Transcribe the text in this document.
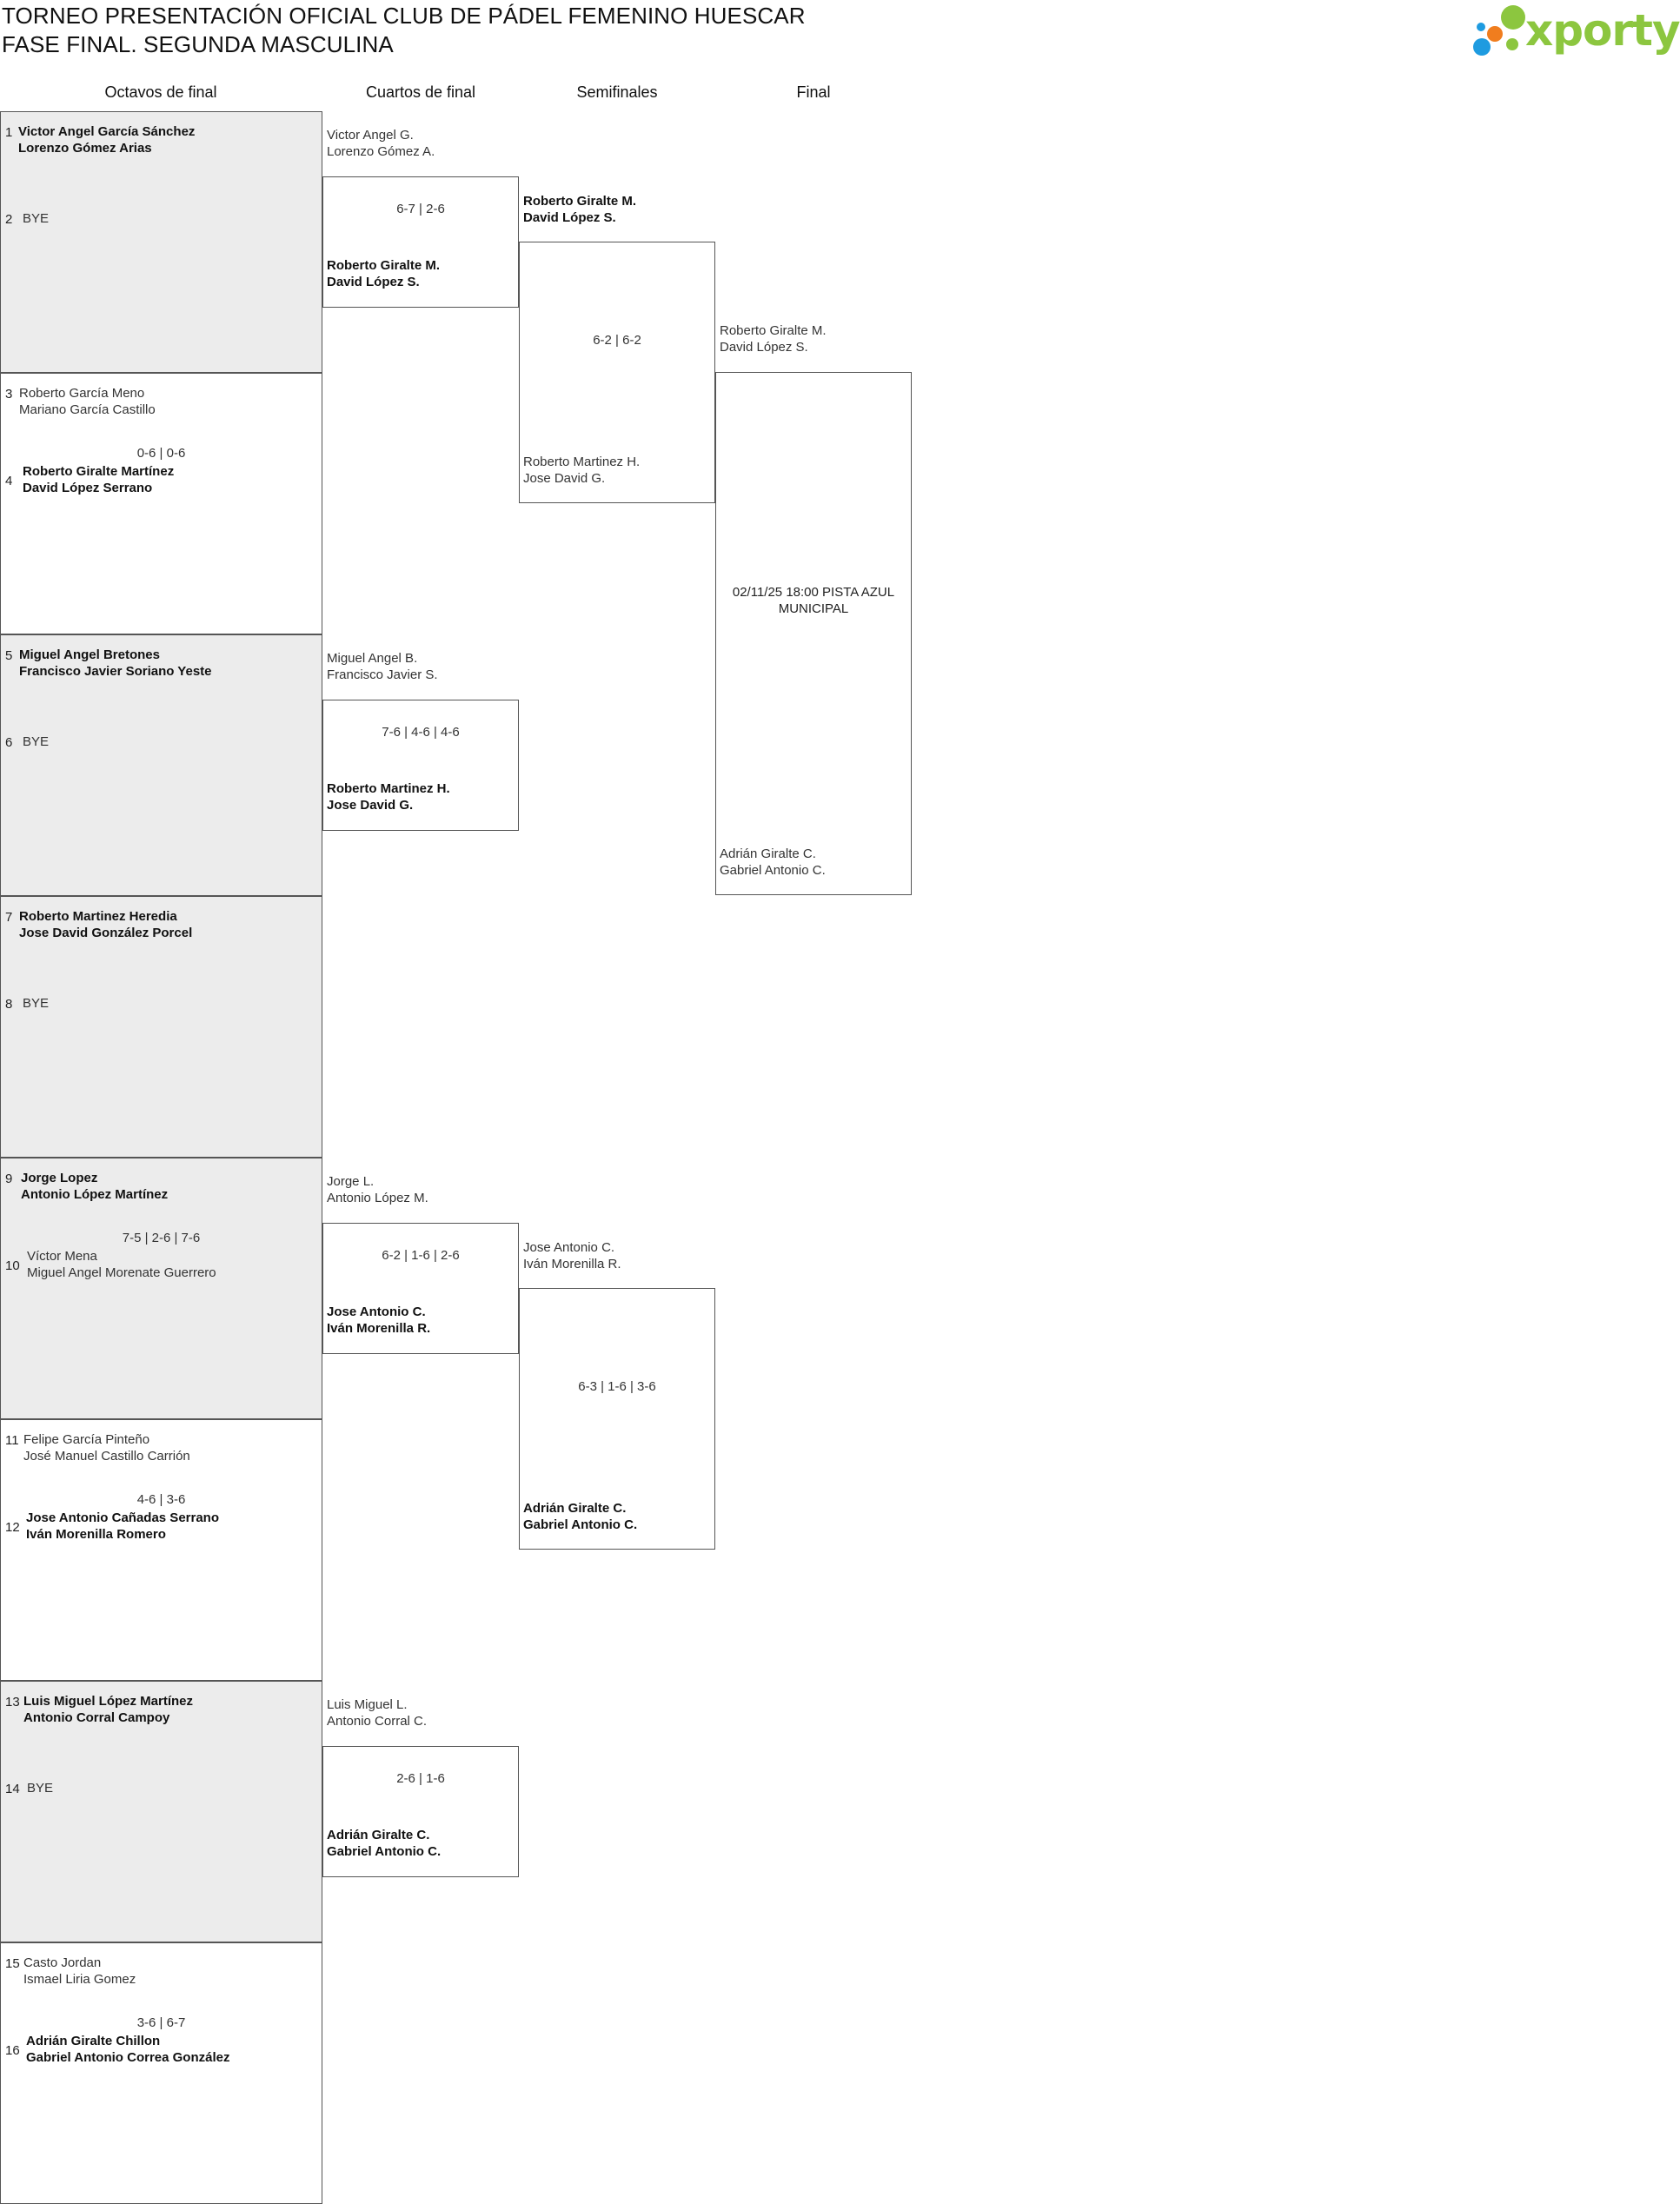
TORNEO PRESENTACIÓN OFICIAL CLUB DE PÁDEL FEMENINO HUESCAR
FASE FINAL. SEGUNDA MASCULINA	xporty
Octavos de final	Cuartos de final	Semifinales	Final
1 Victor Angel García Sánchez
Lorenzo Gómez Arias
2 BYE
3 Roberto García Meno
Mariano García Castillo
4
Roberto Giralte Martínez
David López Serrano
0-6 | 0-6
5 Miguel Angel Bretones
Francisco Javier Soriano Yeste
6 BYE
7 Roberto Martinez Heredia
Jose David González Porcel
8 BYE
9 Jorge Lopez
Antonio López Martínez
10
Víctor Mena
Miguel Angel Morenate Guerrero
7-5 | 2-6 | 7-6
11 Felipe García Pinteño
José Manuel Castillo Carrión
12
Jose Antonio Cañadas Serrano
Iván Morenilla Romero
4-6 | 3-6
13 Luis Miguel López Martínez
Antonio Corral Campoy
14 BYE
15 Casto Jordan
Ismael Liria Gomez
16
Adrián Giralte Chillon
Gabriel Antonio Correa González
3-6 | 6-7
Victor Angel G.
Lorenzo Gómez A.
6-7 | 2-6
Roberto Giralte M.
David López S.
Miguel Angel B.
Francisco Javier S.
7-6 | 4-6 | 4-6
Roberto Martinez H.
Jose David G.
Jorge L.
Antonio López M.
6-2 | 1-6 | 2-6
Jose Antonio C.
Iván Morenilla R.
Luis Miguel L.
Antonio Corral C.
2-6 | 1-6
Adrián Giralte C.
Gabriel Antonio C.
Roberto Giralte M.
David López S.
6-2 | 6-2
Roberto Martinez H.
Jose David G.
Jose Antonio C.
Iván Morenilla R.
6-3 | 1-6 | 3-6
Adrián Giralte C.
Gabriel Antonio C.
Roberto Giralte M.
David López S.
02/11/25 18:00 PISTA AZUL MUNICIPAL
Adrián Giralte C.
Gabriel Antonio C.
